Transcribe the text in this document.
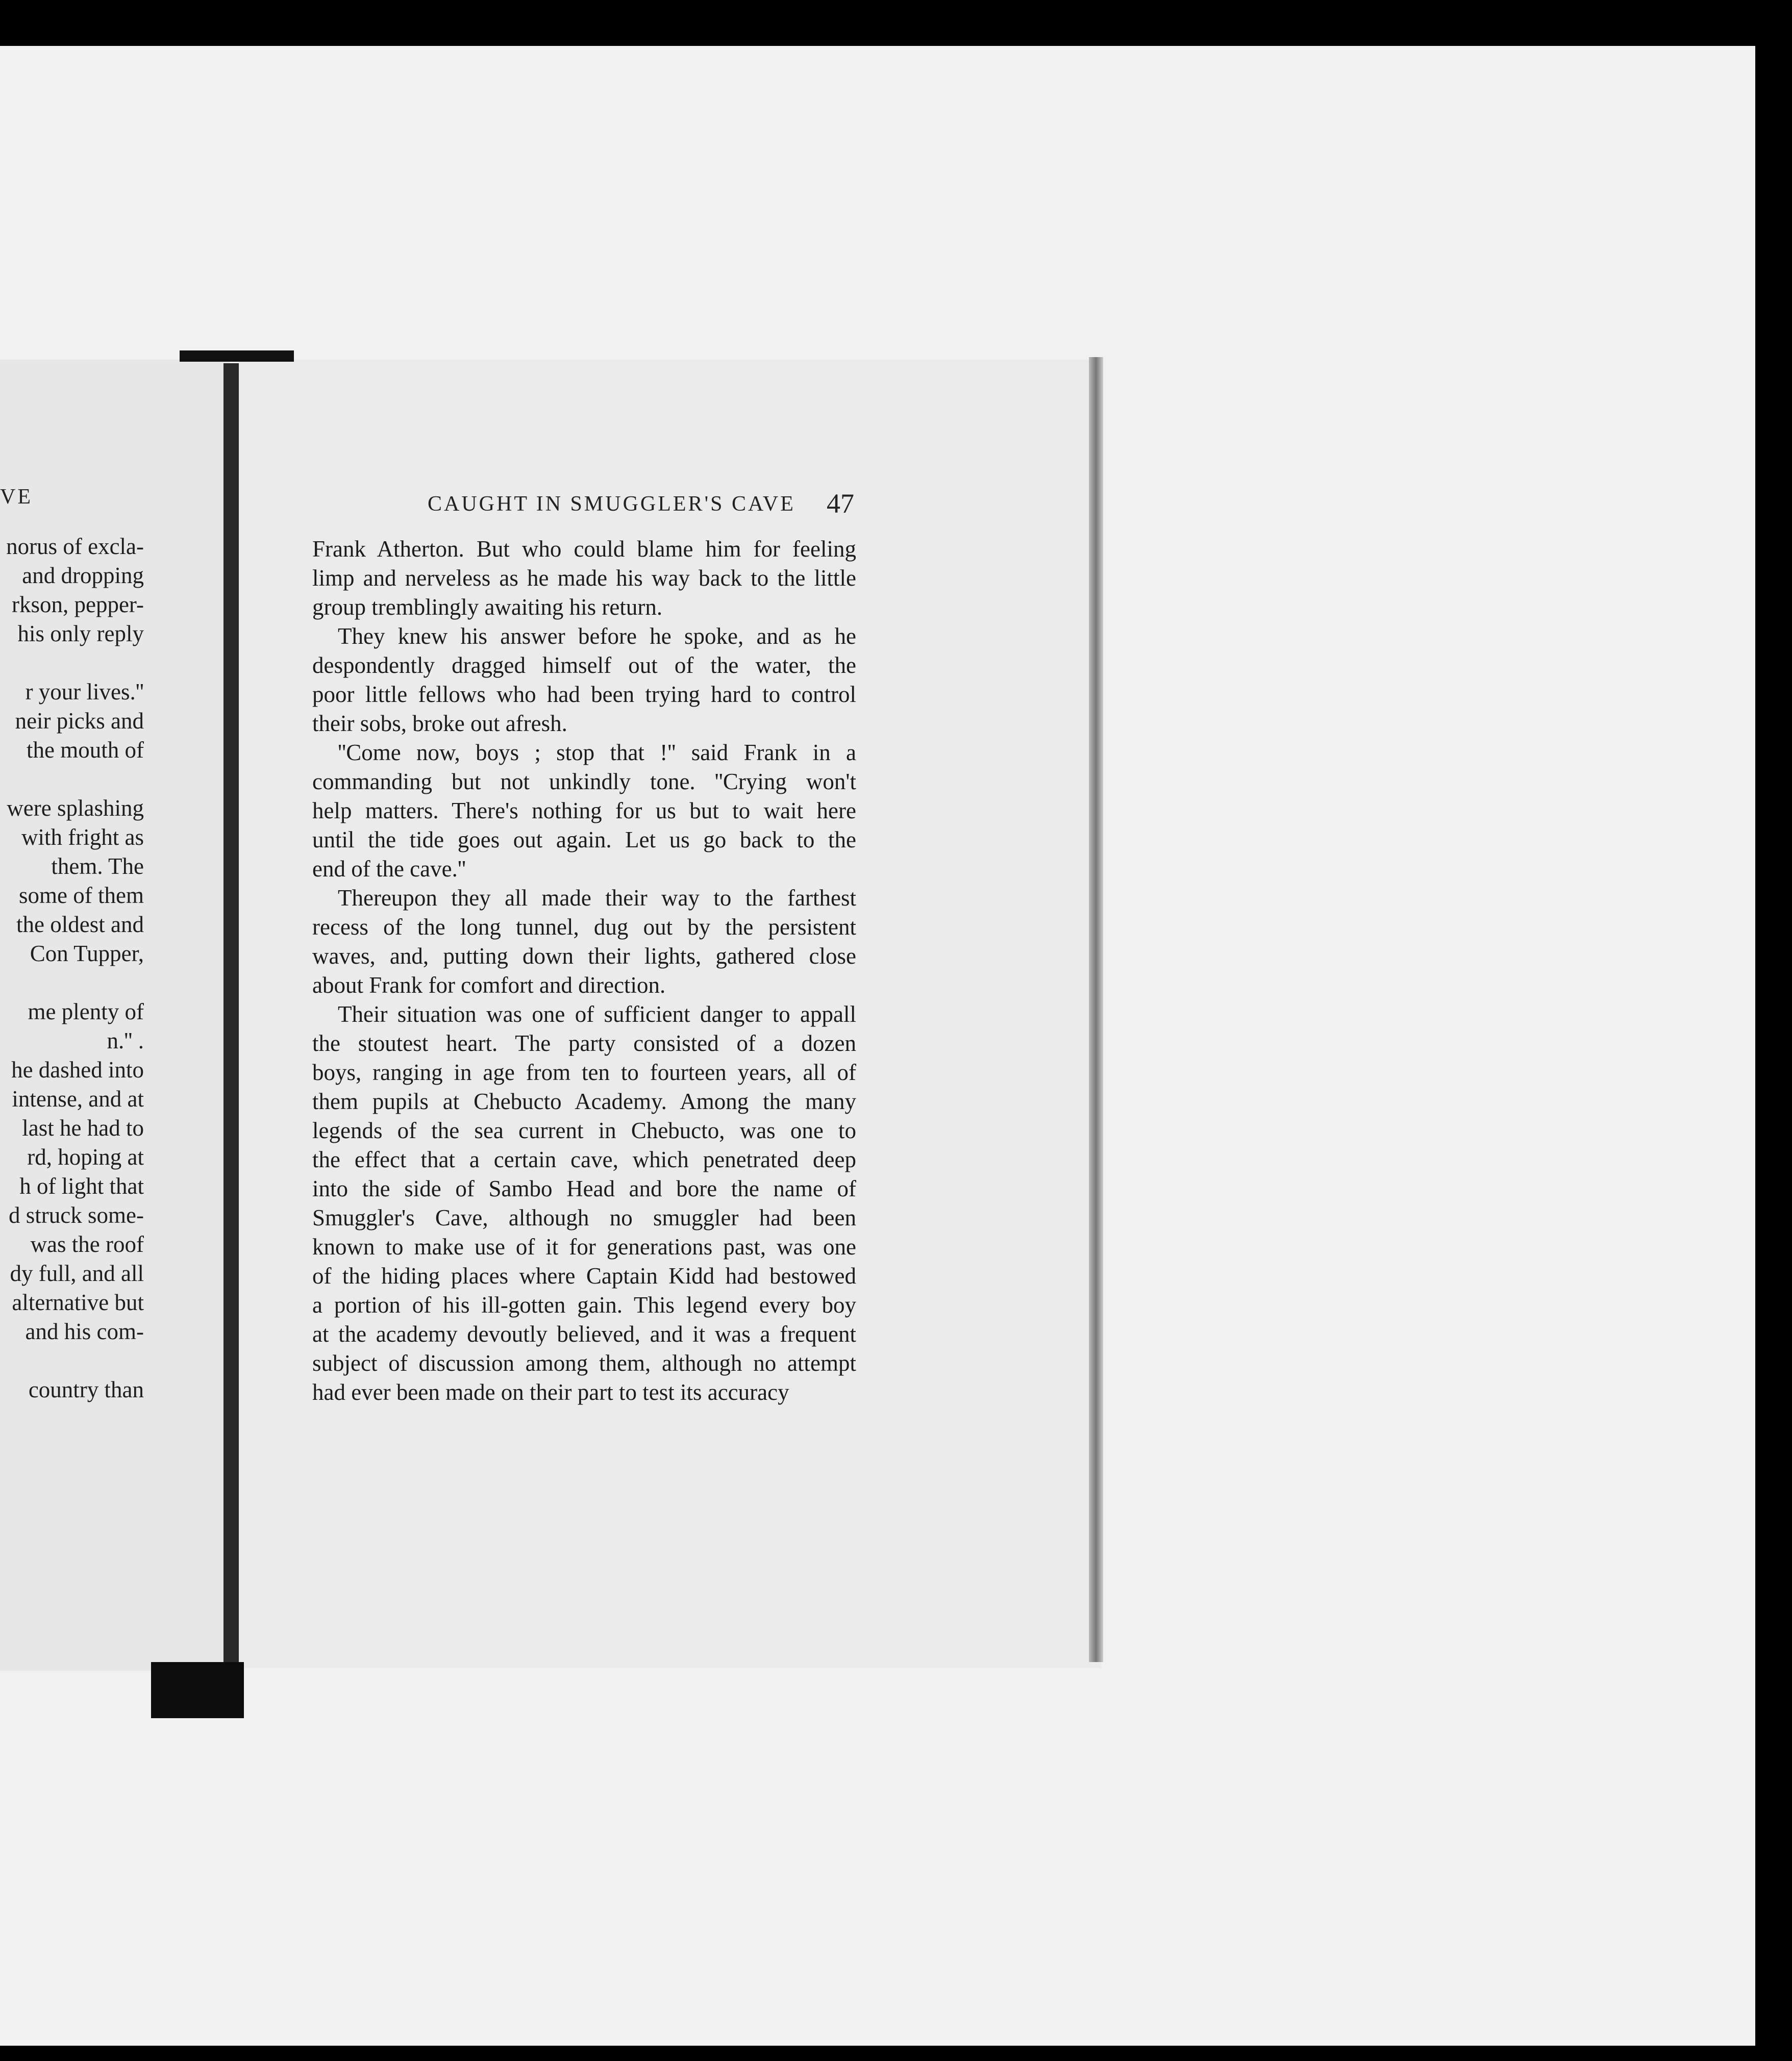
VE
norus of excla-
and dropping
rkson, pepper-
his only reply
r your lives.''
neir picks and
the mouth of
were splashing
with fright as
them. The
some of them
the oldest and
Con Tupper,
me plenty of
n.'' .
he dashed into
intense, and at
last he had to
rd, hoping at
h of light that
d struck some-
was the roof
dy full, and all
alternative but
and his com-
country than
CAUGHT IN SMUGGLER'S CAVE 47
Frank Atherton. But who could blame him for feeling
limp and nerveless as he made his way back to the little
group tremblingly awaiting his return.
They knew his answer before he spoke, and as he
despondently dragged himself out of the water, the
poor little fellows who had been trying hard to control
their sobs, broke out afresh.
''Come now, boys ; stop that !'' said Frank in a
commanding but not unkindly tone. ''Crying won't
help matters. There's nothing for us but to wait here
until the tide goes out again. Let us go back to the
end of the cave.''
Thereupon they all made their way to the farthest
recess of the long tunnel, dug out by the persistent
waves, and, putting down their lights, gathered close
about Frank for comfort and direction.
Their situation was one of sufficient danger to appall
the stoutest heart. The party consisted of a dozen
boys, ranging in age from ten to fourteen years, all of
them pupils at Chebucto Academy. Among the many
legends of the sea current in Chebucto, was one to
the effect that a certain cave, which penetrated deep
into the side of Sambo Head and bore the name of
Smuggler's Cave, although no smuggler had been
known to make use of it for generations past, was one
of the hiding places where Captain Kidd had bestowed
a portion of his ill-gotten gain. This legend every boy
at the academy devoutly believed, and it was a frequent
subject of discussion among them, although no attempt
had ever been made on their part to test its accuracy
